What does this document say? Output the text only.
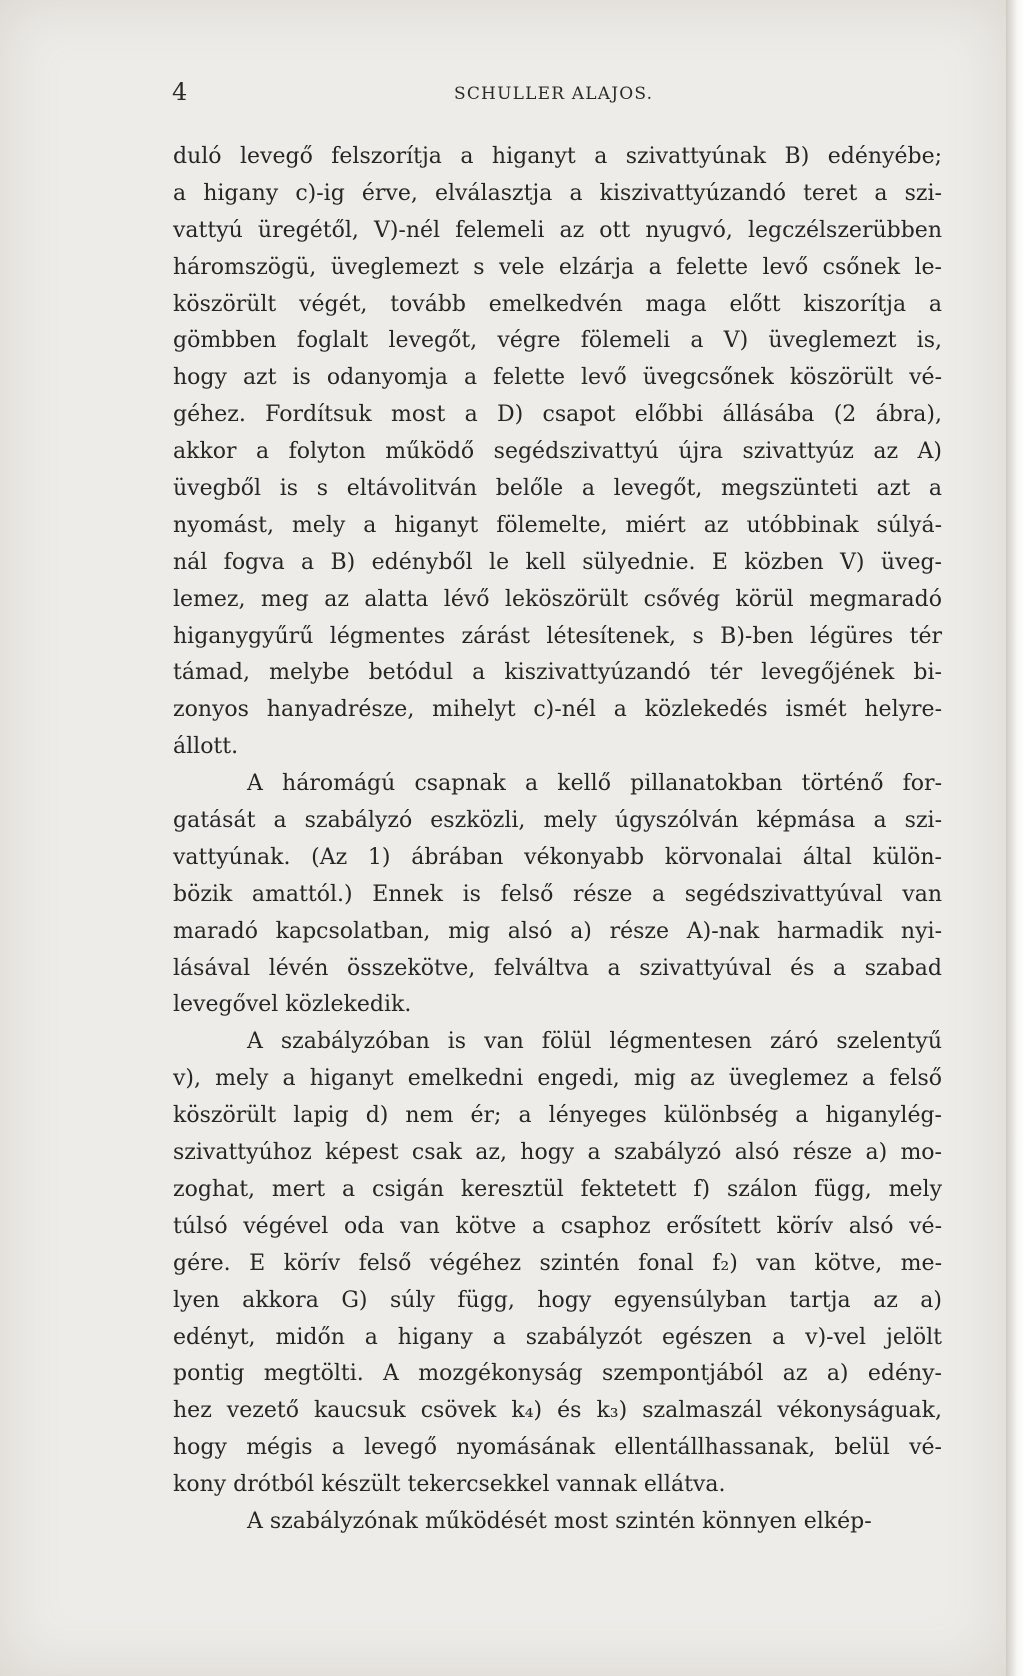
4	SCHULLER ALAJOS.
duló levegő felszorítja a higanyt a szivattyúnak B) edényébe;
a higany c)-ig érve, elválasztja a kiszivattyúzandó teret a szi-
vattyú üregétől, V)-nél felemeli az ott nyugvó, legczélszerübben
háromszögü, üveglemezt s vele elzárja a felette levő csőnek le-
köszörült végét, tovább emelkedvén maga előtt kiszorítja a
gömbben foglalt levegőt, végre fölemeli a V) üveglemezt is,
hogy azt is odanyomja a felette levő üvegcsőnek köszörült vé-
géhez. Fordítsuk most a D) csapot előbbi állásába (2 ábra),
akkor a folyton működő segédszivattyú újra szivattyúz az A)
üvegből is s eltávolitván belőle a levegőt, megszünteti azt a
nyomást, mely a higanyt fölemelte, miért az utóbbinak súlyá-
nál fogva a B) edényből le kell sülyednie. E közben V) üveg-
lemez, meg az alatta lévő leköszörült csővég körül megmaradó
higanygyűrű légmentes zárást létesítenek, s B)-ben légüres tér
támad, melybe betódul a kiszivattyúzandó tér levegőjének bi-
zonyos hanyadrésze, mihelyt c)-nél a közlekedés ismét helyre-
állott.
A háromágú csapnak a kellő pillanatokban történő for-
gatását a szabályzó eszközli, mely úgyszólván képmása a szi-
vattyúnak. (Az 1) ábrában vékonyabb körvonalai által külön-
bözik amattól.) Ennek is felső része a segédszivattyúval van
maradó kapcsolatban, mig alsó a) része A)-nak harmadik nyi-
lásával lévén összekötve, felváltva a szivattyúval és a szabad
levegővel közlekedik.
A szabályzóban is van fölül légmentesen záró szelentyű
v), mely a higanyt emelkedni engedi, mig az üveglemez a felső
köszörült lapig d) nem ér; a lényeges különbség a higanylég-
szivattyúhoz képest csak az, hogy a szabályzó alsó része a) mo-
zoghat, mert a csigán keresztül fektetett f) szálon függ, mely
túlsó végével oda van kötve a csaphoz erősített körív alsó vé-
gére. E körív felső végéhez szintén fonal f₂) van kötve, me-
lyen akkora G) súly függ, hogy egyensúlyban tartja az a)
edényt, midőn a higany a szabályzót egészen a v)-vel jelölt
pontig megtölti. A mozgékonyság szempontjából az a) edény-
hez vezető kaucsuk csövek k₄) és k₃) szalmaszál vékonyságuak,
hogy mégis a levegő nyomásának ellentállhassanak, belül vé-
kony drótból készült tekercsekkel vannak ellátva.
A szabályzónak működését most szintén könnyen elkép-
